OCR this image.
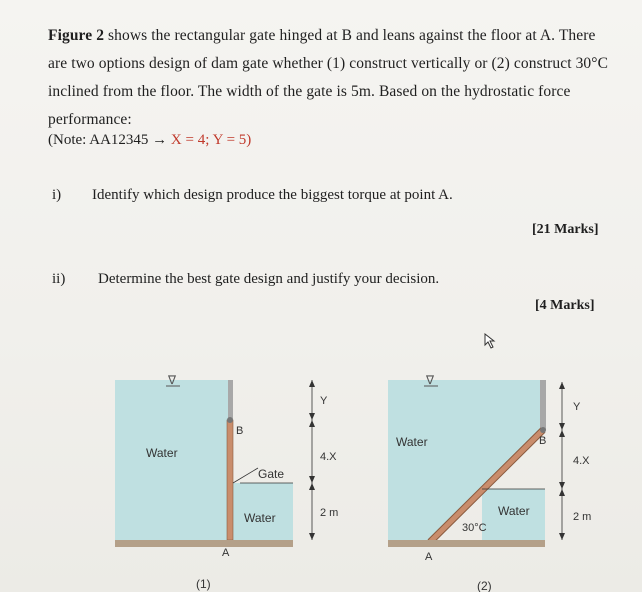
Figure 2 shows the rectangular gate hinged at B and leans against the floor at A. There are two options design of dam gate whether (1) construct vertically or (2) construct 30°C inclined from the floor. The width of the gate is 5m. Based on the hydrostatic force performance:
(Note: AA12345 → X = 4; Y = 5)
i) Identify which design produce the biggest torque at point A.
[21 Marks]
ii) Determine the best gate design and justify your decision.
[4 Marks]
∇
Water
Water
B
A
Gate
Y
4.X
2 m
(1)
∇
Water
Water
B
A
30°C
Y
4.X
2 m
(2)
